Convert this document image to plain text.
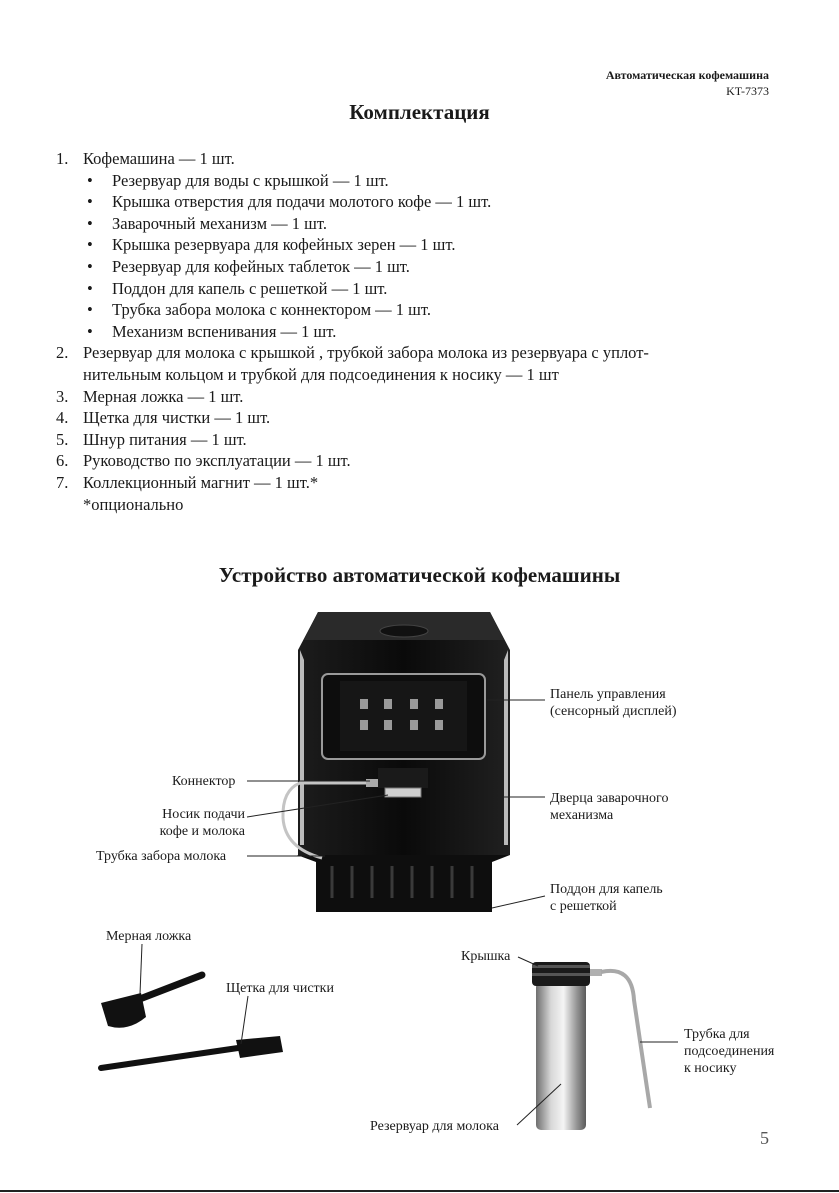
Автоматическая кофемашина
KT-7373
Комплектация
1. Кофемашина — 1 шт.
• Резервуар для воды с крышкой — 1 шт.
• Крышка отверстия для подачи молотого кофе — 1 шт.
• Заварочный механизм — 1 шт.
• Крышка резервуара для кофейных зерен — 1 шт.
• Резервуар для кофейных таблеток — 1 шт.
• Поддон для капель с решеткой — 1 шт.
• Трубка забора молока с коннектором — 1 шт.
• Механизм вспенивания — 1 шт.
2. Резервуар для молока с крышкой , трубкой забора молока из резервуара с уплот-
нительным кольцом и трубкой для подсоединения к носику — 1 шт
3. Мерная ложка — 1 шт.
4. Щетка для чистки — 1 шт.
5. Шнур питания — 1 шт.
6. Руководство по эксплуатации — 1 шт.
7. Коллекционный магнит — 1 шт.*
*опционально
Устройство автоматической кофемашины
Панель управления
(сенсорный дисплей)
Коннектор
Носик подачи
кофе и молока
Трубка забора молока
Дверца заварочного
механизма
Поддон для капель
с решеткой
Мерная ложка
Щетка для чистки
Крышка
Трубка для
подсоединения
к носику
Резервуар для молока
5
